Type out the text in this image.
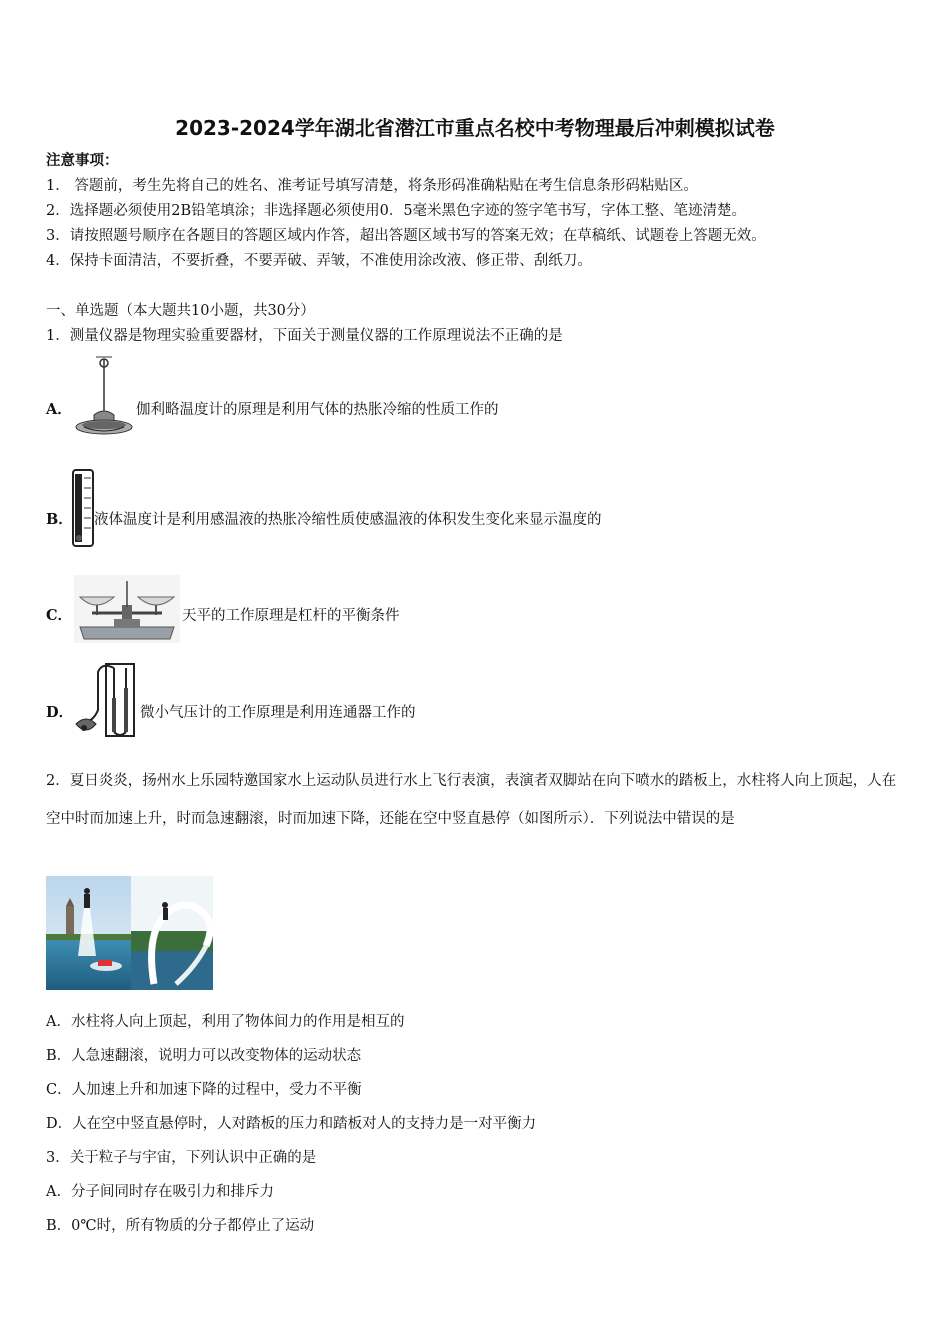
2023-2024学年湖北省潜江市重点名校中考物理最后冲刺模拟试卷
注意事项：
1． 答题前，考生先将自己的姓名、准考证号填写清楚，将条形码准确粘贴在考生信息条形码粘贴区。
2．选择题必须使用2B铅笔填涂；非选择题必须使用0．5毫米黑色字迹的签字笔书写，字体工整、笔迹清楚。
3．请按照题号顺序在各题目的答题区域内作答，超出答题区域书写的答案无效；在草稿纸、试题卷上答题无效。
4．保持卡面清洁，不要折叠，不要弄破、弄皱，不准使用涂改液、修正带、刮纸刀。
一、单选题（本大题共10小题，共30分）
1．测量仪器是物理实验重要器材，下面关于测量仪器的工作原理说法不正确的是
A．	伽利略温度计的原理是利用气体的热胀冷缩的性质工作的
B． 液体温度计是利用感温液的热胀冷缩性质使感温液的体积发生变化来显示温度的
C．	天平的工作原理是杠杆的平衡条件
D．	微小气压计的工作原理是利用连通器工作的
2．夏日炎炎，扬州水上乐园特邀国家水上运动队员进行水上飞行表演，表演者双脚站在向下喷水的踏板上，水柱将人向上顶起，人在空中时而加速上升，时而急速翻滚，时而加速下降，还能在空中竖直悬停（如图所示）．下列说法中错误的是
A．水柱将人向上顶起，利用了物体间力的作用是相互的
B．人急速翻滚，说明力可以改变物体的运动状态
C．人加速上升和加速下降的过程中，受力不平衡
D．人在空中竖直悬停时，人对踏板的压力和踏板对人的支持力是一对平衡力
3．关于粒子与宇宙，下列认识中正确的是
A．分子间同时存在吸引力和排斥力
B．0℃时，所有物质的分子都停止了运动
